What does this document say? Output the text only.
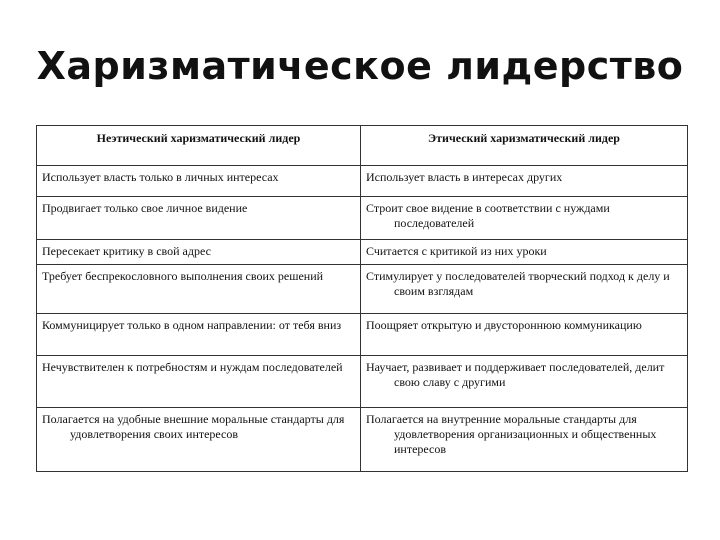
Харизматическое лидерство
Неэтический харизматический лидер	Этический харизматический лидер

Использует власть только в личных интересах	Использует власть в интересах других

Продвигает только свое личное видение	Строит свое видение в соответствии с нуждами последователей

Пересекает критику в свой адрес	Считается с критикой из них уроки

Требует беспрекословного выполнения своих решений	Стимулирует у последователей творческий подход к делу и своим взглядам

Коммуницирует только в одном направлении: от тебя вниз	Поощряет открытую и двустороннюю коммуникацию

Нечувствителен к потребностям и нуждам последователей	Научает, развивает и поддерживает последователей, делит свою славу с другими

Полагается на удобные внешние моральные стандарты для удовлетворения своих интересов	Полагается на внутренние моральные стандарты для удовлетворения организационных и общественных интересов
